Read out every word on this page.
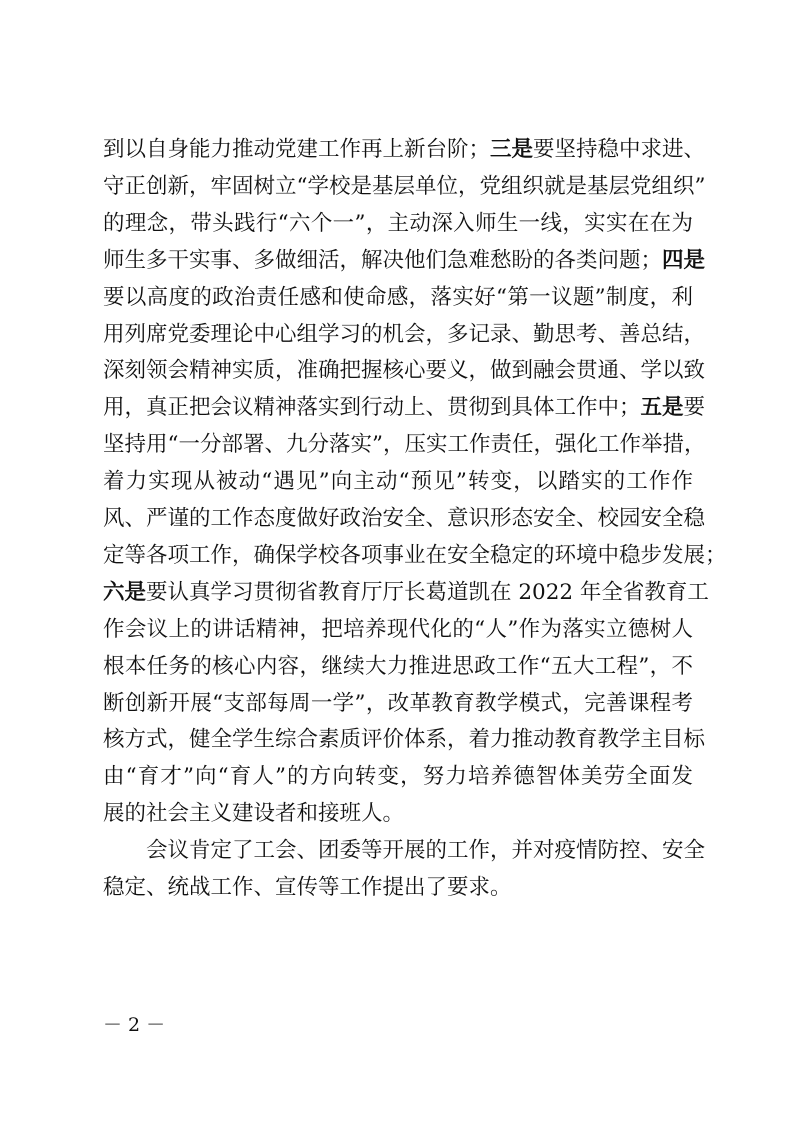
到以自身能力推动党建工作再上新台阶；三是要坚持稳中求进、
守正创新，牢固树立“学校是基层单位，党组织就是基层党组织”
的理念，带头践行“六个一”，主动深入师生一线，实实在在为
师生多干实事、多做细活，解决他们急难愁盼的各类问题；四是
要以高度的政治责任感和使命感，落实好“第一议题”制度，利
用列席党委理论中心组学习的机会，多记录、勤思考、善总结，
深刻领会精神实质，准确把握核心要义，做到融会贯通、学以致
用，真正把会议精神落实到行动上、贯彻到具体工作中；五是要
坚持用“一分部署、九分落实”，压实工作责任，强化工作举措，
着力实现从被动“遇见”向主动“预见”转变，以踏实的工作作
风、严谨的工作态度做好政治安全、意识形态安全、校园安全稳
定等各项工作，确保学校各项事业在安全稳定的环境中稳步发展；
六是要认真学习贯彻省教育厅厅长葛道凯在 2022 年全省教育工
作会议上的讲话精神，把培养现代化的“人”作为落实立德树人
根本任务的核心内容，继续大力推进思政工作“五大工程”，不
断创新开展“支部每周一学”，改革教育教学模式，完善课程考
核方式，健全学生综合素质评价体系，着力推动教育教学主目标
由“育才”向“育人”的方向转变，努力培养德智体美劳全面发
展的社会主义建设者和接班人。
会议肯定了工会、团委等开展的工作，并对疫情防控、安全
稳定、统战工作、宣传等工作提出了要求。
－ 2 －
